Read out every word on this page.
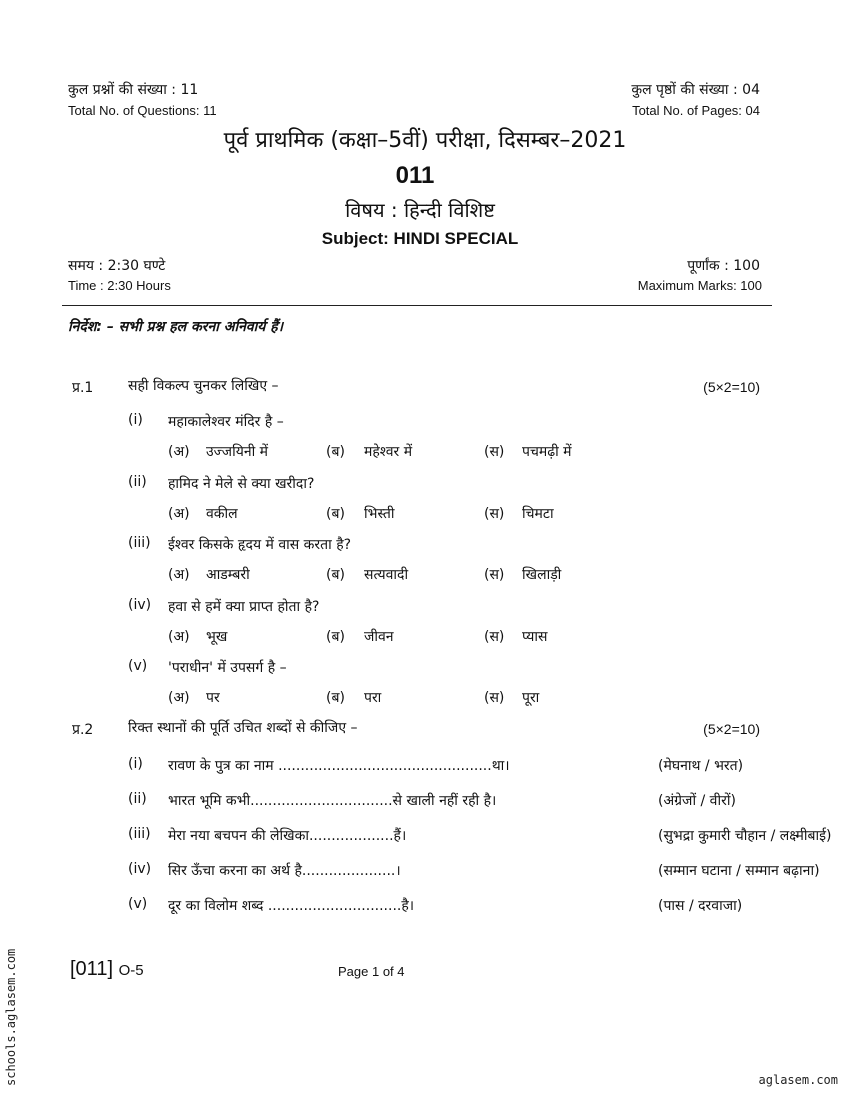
कुल प्रश्नों की संख्या : 11
Total No. of Questions: 11
कुल पृष्ठों की संख्या : 04
Total No. of Pages: 04
पूर्व प्राथमिक (कक्षा–5वीं) परीक्षा, दिसम्बर–2021
011
विषय : हिन्दी विशिष्ट
Subject: HINDI SPECIAL
समय : 2:30 घण्टे
Time : 2:30 Hours
पूर्णांक : 100
Maximum Marks: 100
निर्देश: – सभी प्रश्न हल करना अनिवार्य हैं।
प्र.1 सही विकल्प चुनकर लिखिए –	(5×2=10)
(i) महाकालेश्वर मंदिर है –
(अ) उज्जयिनी में	(ब) महेश्वर में	(स) पचमढ़ी में
(ii) हामिद ने मेले से क्या खरीदा?
(अ) वकील	(ब) भिस्ती	(स) चिमटा
(iii) ईश्वर किसके हृदय में वास करता है?
(अ) आडम्बरी	(ब) सत्यवादी	(स) खिलाड़ी
(iv) हवा से हमें क्या प्राप्त होता है?
(अ) भूख	(ब) जीवन	(स) प्यास
(v) 'पराधीन' में उपसर्ग है –
(अ) पर	(ब) परा	(स) पूरा
प्र.2 रिक्त स्थानों की पूर्ति उचित शब्दों से कीजिए –	(5×2=10)
(i) रावण के पुत्र का नाम ................................................था।	(मेघनाथ / भरत)
(ii) भारत भूमि कभी................................से खाली नहीं रही है।	(अंग्रेजों / वीरों)
(iii) मेरा नया बचपन की लेखिका...................हैं।	(सुभद्रा कुमारी चौहान / लक्ष्मीबाई)
(iv) सिर ऊँचा करना का अर्थ है.....................।	(सम्मान घटाना / सम्मान बढ़ाना)
(v) दूर का विलोम शब्द ..............................है।	(पास / दरवाजा)
[011] O-5	Page 1 of 4
schools.aglasem.com	aglasem.com
